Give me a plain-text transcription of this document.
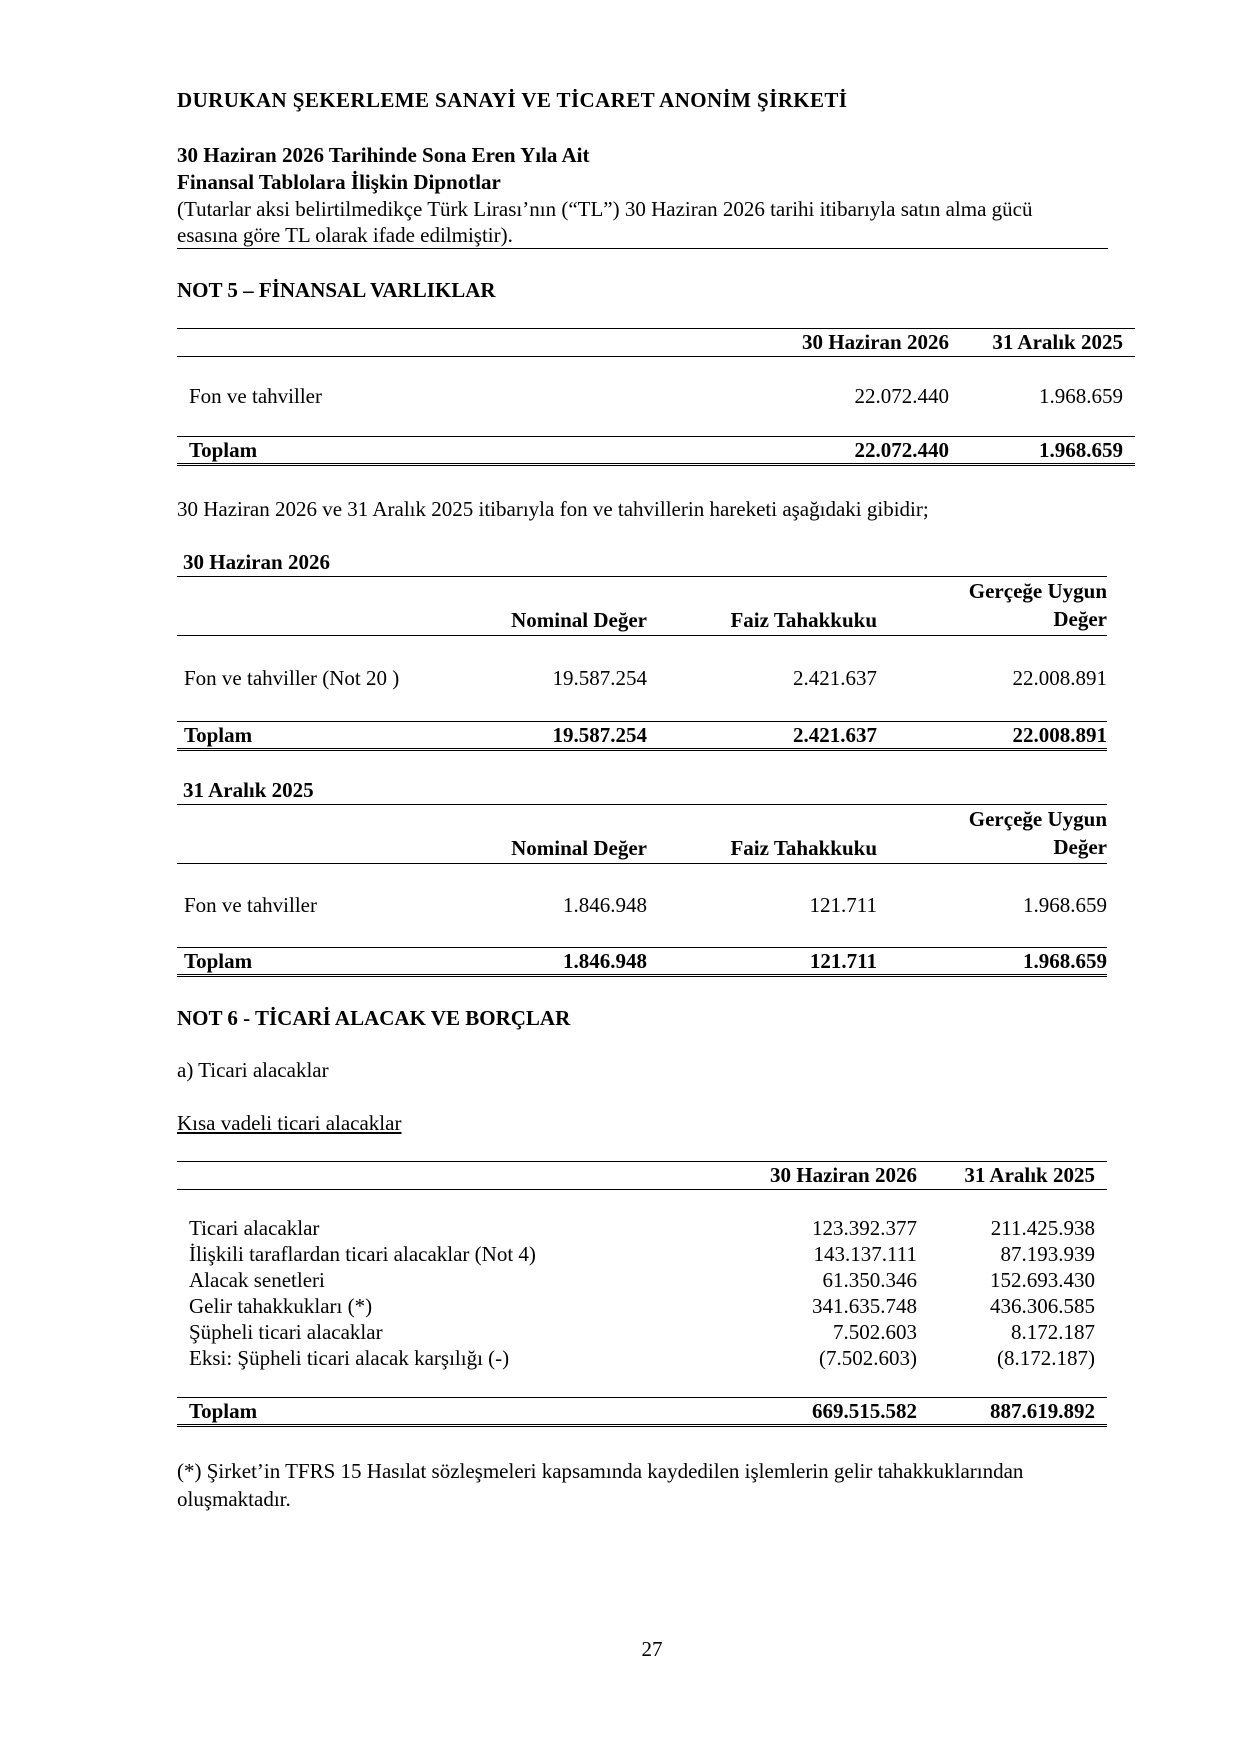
DURUKAN ŞEKERLEME SANAYİ VE TİCARET ANONİM ŞİRKETİ
30 Haziran 2026 Tarihinde Sona Eren Yıla Ait
Finansal Tablolara İlişkin Dipnotlar
(Tutarlar aksi belirtilmedikçe Türk Lirası’nın (“TL”) 30 Haziran 2026 tarihi itibarıyla satın alma gücü esasına göre TL olarak ifade edilmiştir).
NOT 5 – FİNANSAL VARLIKLAR
	30 Haziran 2026	31 Aralık 2025
Fon ve tahviller	22.072.440	1.968.659
Toplam	22.072.440	1.968.659
30 Haziran 2026 ve 31 Aralık 2025 itibarıyla fon ve tahvillerin hareketi aşağıdaki gibidir;
30 Haziran 2026
	Nominal Değer	Faiz Tahakkuku	Gerçeğe Uygun
Değer
Fon ve tahviller (Not 20 )	19.587.254	2.421.637	22.008.891
Toplam	19.587.254	2.421.637	22.008.891
31 Aralık 2025
	Nominal Değer	Faiz Tahakkuku	Gerçeğe Uygun
Değer
Fon ve tahviller	1.846.948	121.711	1.968.659
Toplam	1.846.948	121.711	1.968.659
NOT 6 - TİCARİ ALACAK VE BORÇLAR
a) Ticari alacaklar
Kısa vadeli ticari alacaklar
	30 Haziran 2026	31 Aralık 2025

Ticari alacaklar	123.392.377	211.425.938
İlişkili taraflardan ticari alacaklar (Not 4)	143.137.111	87.193.939
Alacak senetleri	61.350.346	152.693.430
Gelir tahakkukları (*)	341.635.748	436.306.585
Şüpheli ticari alacaklar	7.502.603	8.172.187
Eksi: Şüpheli ticari alacak karşılığı (-)	(7.502.603)	(8.172.187)

Toplam	669.515.582	887.619.892
(*) Şirket’in TFRS 15 Hasılat sözleşmeleri kapsamında kaydedilen işlemlerin gelir tahakkuklarından oluşmaktadır.
27
